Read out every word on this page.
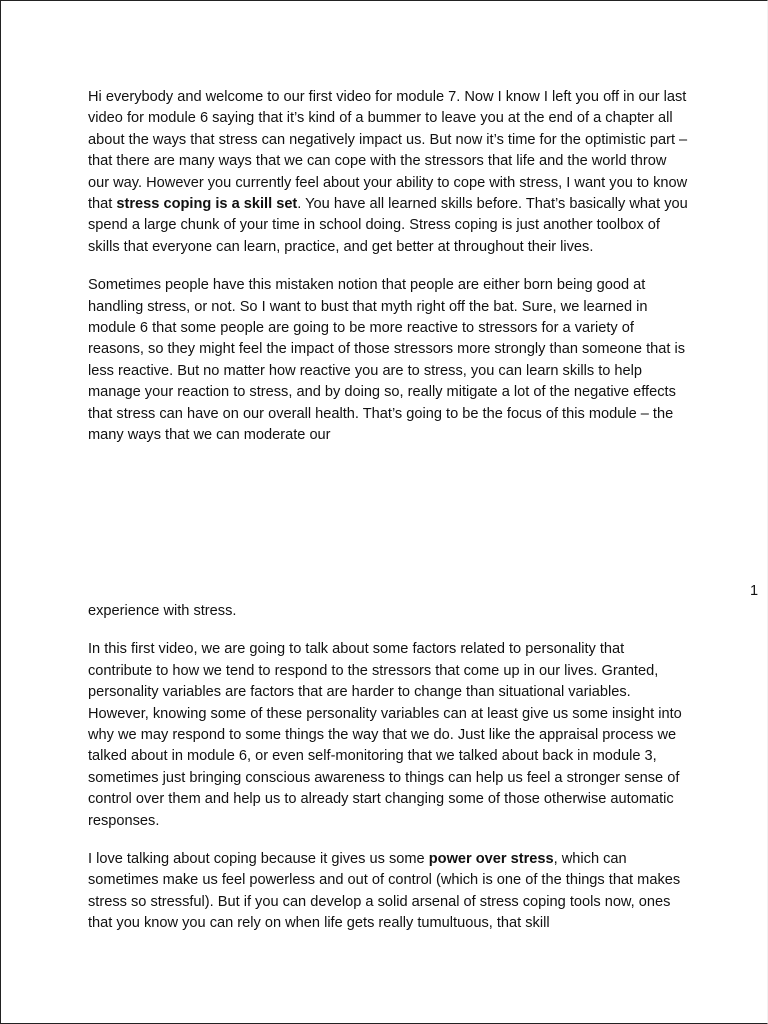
Hi everybody and welcome to our first video for module 7. Now I know I left you off in our last video for module 6 saying that it’s kind of a bummer to leave you at the end of a chapter all about the ways that stress can negatively impact us. But now it’s time for the optimistic part – that there are many ways that we can cope with the stressors that life and the world throw our way. However you currently feel about your ability to cope with stress, I want you to know that stress coping is a skill set. You have all learned skills before. That’s basically what you spend a large chunk of your time in school doing. Stress coping is just another toolbox of skills that everyone can learn, practice, and get better at throughout their lives.

Sometimes people have this mistaken notion that people are either born being good at handling stress, or not. So I want to bust that myth right off the bat. Sure, we learned in module 6 that some people are going to be more reactive to stressors for a variety of reasons, so they might feel the impact of those stressors more strongly than someone that is less reactive. But no matter how reactive you are to stress, you can learn skills to help manage your reaction to stress, and by doing so, really mitigate a lot of the negative effects that stress can have on our overall health. That’s going to be the focus of this module – the many ways that we can moderate our

1

experience with stress.

In this first video, we are going to talk about some factors related to personality that contribute to how we tend to respond to the stressors that come up in our lives. Granted, personality variables are factors that are harder to change than situational variables. However, knowing some of these personality variables can at least give us some insight into why we may respond to some things the way that we do. Just like the appraisal process we talked about in module 6, or even self-monitoring that we talked about back in module 3, sometimes just bringing conscious awareness to things can help us feel a stronger sense of control over them and help us to already start changing some of those otherwise automatic responses.

I love talking about coping because it gives us some power over stress, which can sometimes make us feel powerless and out of control (which is one of the things that makes stress so stressful). But if you can develop a solid arsenal of stress coping tools now, ones that you know you can rely on when life gets really tumultuous, that skill
